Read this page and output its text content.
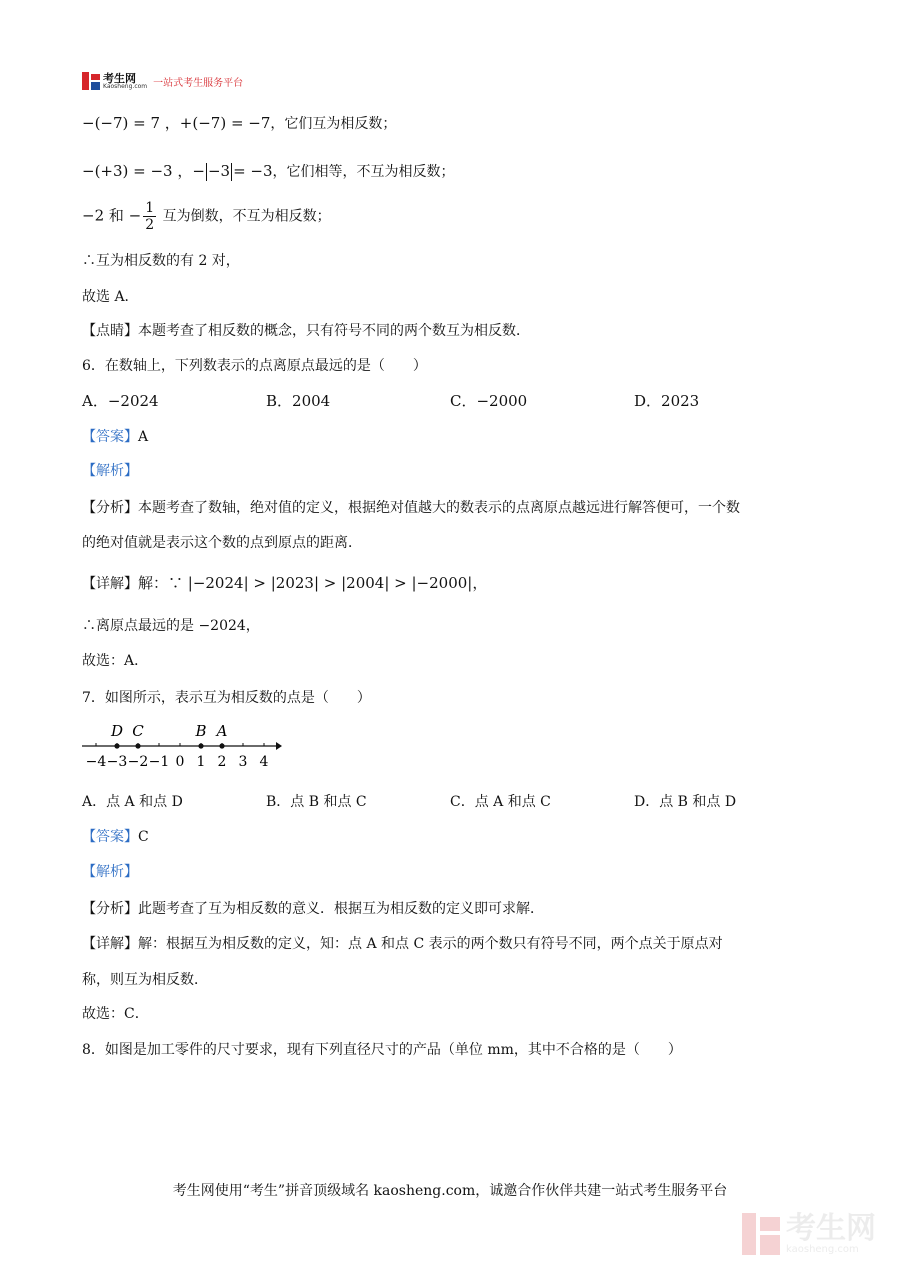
考生网
Kaosheng.com 一站式考生服务平台
−(−7) = 7 ，+(−7) = −7，它们互为相反数；
−(+3) = −3 ，− −3 = −3，它们相等，不互为相反数；
−2 和 − $\frac{1}{2}$ 互为倒数，不互为相反数；
∴互为相反数的有 2 对，
故选 A．
【点睛】本题考查了相反数的概念，只有符号不同的两个数互为相反数．
6．在数轴上，下列数表示的点离原点最远的是（　　）
A．−2024	B．2004	C．−2000	D．2023
【答案】A
【解析】
【分析】本题考查了数轴，绝对值的定义，根据绝对值越大的数表示的点离原点越远进行解答便可，一个数
的绝对值就是表示这个数的点到原点的距离．
【详解】解：∵ |−2024| > |2023| > |2004| > |−2000|，
∴离原点最远的是 −2024，
故选：A．
7．如图所示，表示互为相反数的点是（　　）
−4 −3 −2 −1 0 1 2 3 4
D C	B A
A．点 A 和点 D	B．点 B 和点 C	C．点 A 和点 C	D．点 B 和点 D
【答案】C
【解析】
【分析】此题考查了互为相反数的意义．根据互为相反数的定义即可求解．
【详解】解：根据互为相反数的定义，知：点 A 和点 C 表示的两个数只有符号不同，两个点关于原点对
称，则互为相反数．
故选：C．
8．如图是加工零件的尺寸要求，现有下列直径尺寸的产品（单位 mm，其中不合格的是（　　）
考生网使用“考生”拼音顶级域名 kaosheng.com，诚邀合作伙伴共建一站式考生服务平台
考生网
kaosheng.com
